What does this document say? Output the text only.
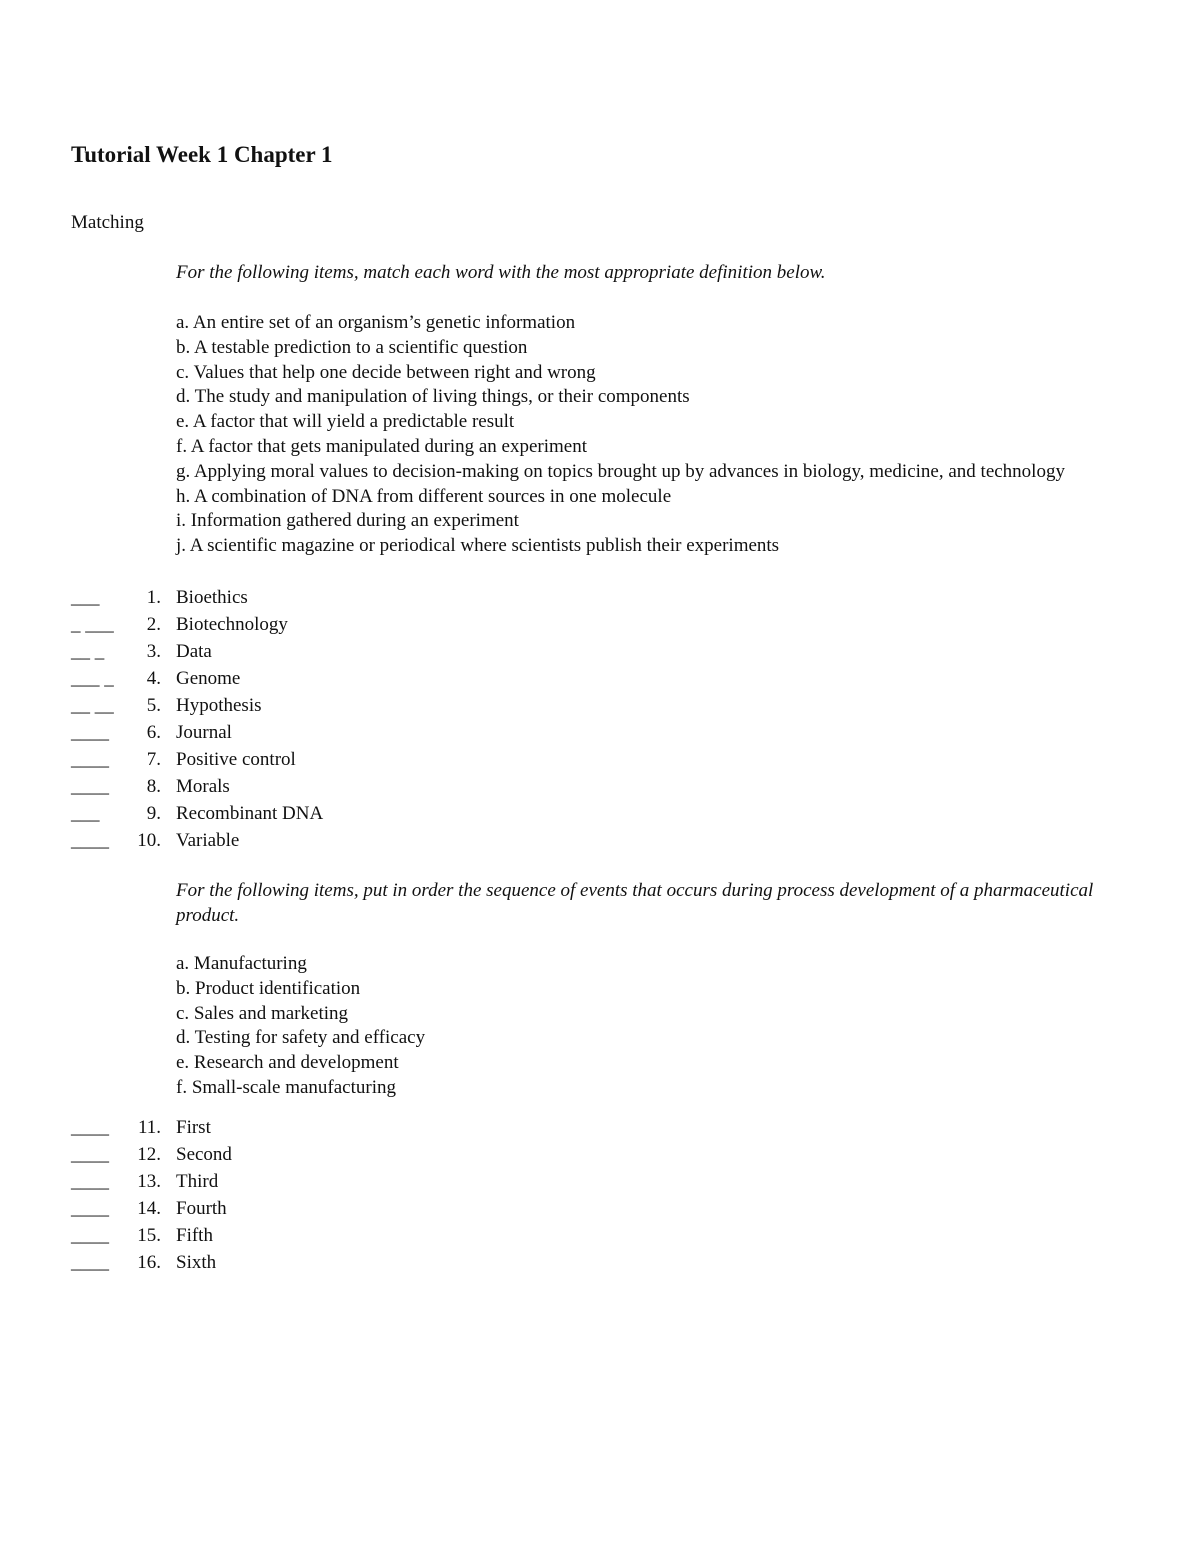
Tutorial Week 1 Chapter 1

Matching

For the following items, match each word with the most appropriate definition below.

a. An entire set of an organism’s genetic information
b. A testable prediction to a scientific question
c. Values that help one decide between right and wrong
d. The study and manipulation of living things, or their components
e. A factor that will yield a predictable result
f. A factor that gets manipulated during an experiment
g. Applying moral values to decision-making on topics brought up by advances in biology, medicine, and technology
h. A combination of DNA from different sources in one molecule
i. Information gathered during an experiment
j. A scientific magazine or periodical where scientists publish their experiments
___	1. Bioethics
_ ___	2. Biotechnology
__ _	3. Data
___ _	4. Genome
__ __	5. Hypothesis
____	6. Journal
____	7. Positive control
____	8. Morals
___	9. Recombinant DNA
____	10. Variable

For the following items, put in order the sequence of events that occurs during process development of a pharmaceutical product.

a. Manufacturing
b. Product identification
c. Sales and marketing
d. Testing for safety and efficacy
e. Research and development
f. Small-scale manufacturing
____	11. First
____	12. Second
____	13. Third
____	14. Fourth
____	15. Fifth
____	16. Sixth
